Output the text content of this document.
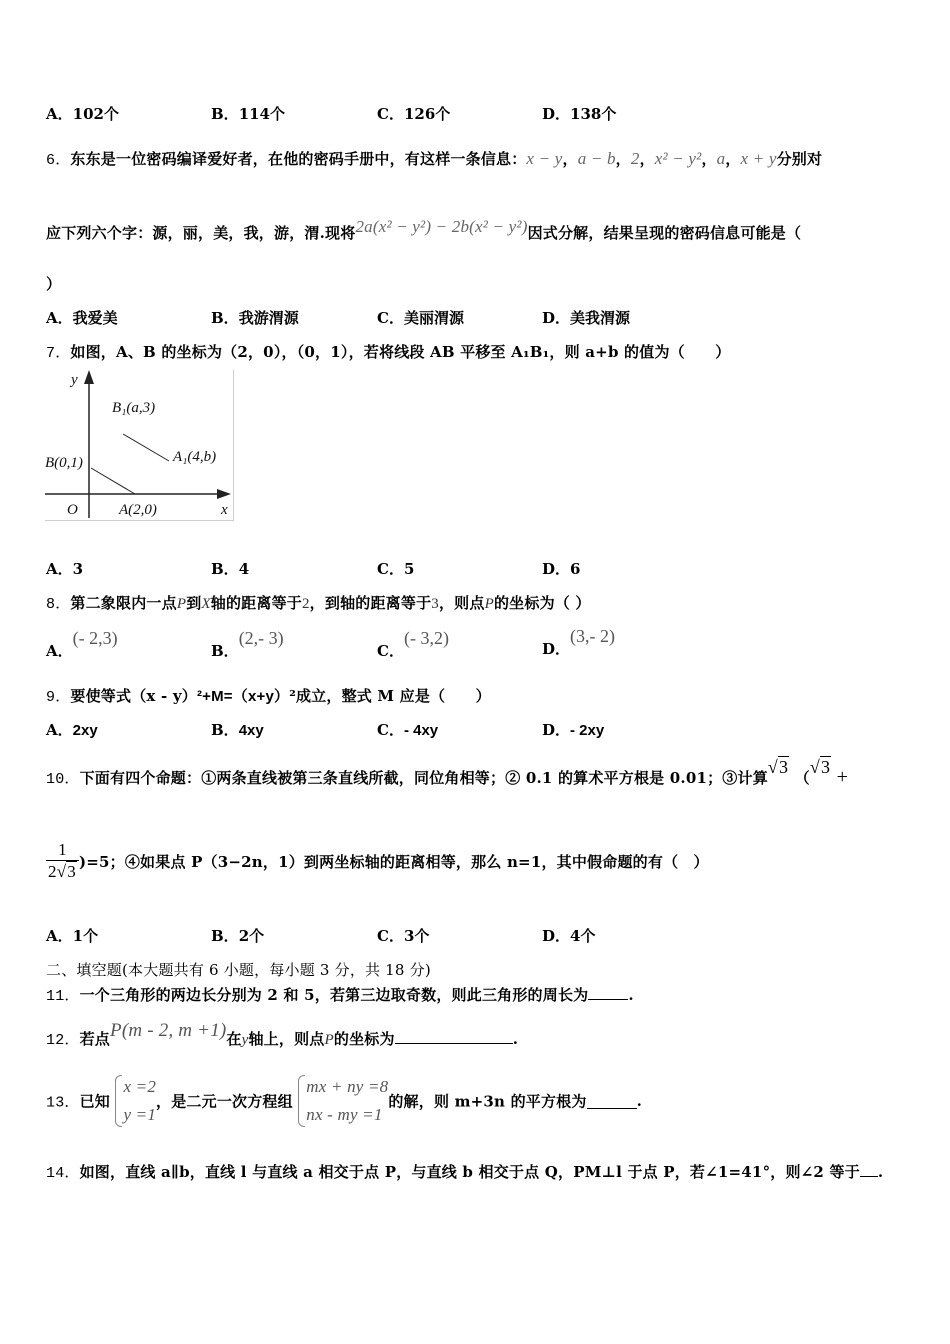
A．102个	B．114个	C．126个	D．138个
6．东东是一位密码编译爱好者，在他的密码手册中，有这样一条信息：x − y，a − b，2，x² − y²，a，x + y分别对
应下列六个字：源，丽，美，我，游，渭.现将2a(x² − y²) − 2b(x² − y²)因式分解，结果呈现的密码信息可能是（
）
A．我爱美	B．我游渭源	C．美丽渭源	D．美我渭源
7．如图，A、B 的坐标为（2，0），（0，1），若将线段 AB 平移至 A₁B₁，则 a+b 的值为（　　）
y
x
O
B(0,1)
A(2,0)
B₁(a,3)
A₁(4,b)
A．3	B．4	C．5	D．6
8．第二象限内一点P到X轴的距离等于2，到轴的距离等于3，则点P的坐标为（ ）
A．(- 2,3)
B．(2,- 3)
C．(- 3,2)
D．(3,- 2)
9．要使等式（x - y）²+M=（x+y）²成立，整式 M 应是（　　）
A．2xy	B．4xy	C．- 4xy	D．- 2xy
10．下面有四个命题：①两条直线被第三条直线所截，同位角相等；② 0.1 的算术平方根是 0.01；③计算√3 （√3 +
$\frac{1}{2√3} )=5$；④如果点 P（3−2n，1）到两坐标轴的距离相等，那么 n=1，其中假命题的有（　）
A．1个	B．2个	C．3个	D．4个
二、填空题(本大题共有 6 小题，每小题 3 分，共 18 分)
11．一个三角形的两边长分别为 2 和 5，若第三边取奇数，则此三角形的周长为	.
12．若点P(m - 2, m +1)在y轴上，则点P的坐标为	.
13．已知
x =2
y =1
，是二元一次方程组
mx + ny =8
nx - my =1
的解，则 m+3n 的平方根为	.
14．如图，直线 a∥b，直线 l 与直线 a 相交于点 P，与直线 b 相交于点 Q，PM⊥l 于点 P，若∠1=41°，则∠2 等于 .
